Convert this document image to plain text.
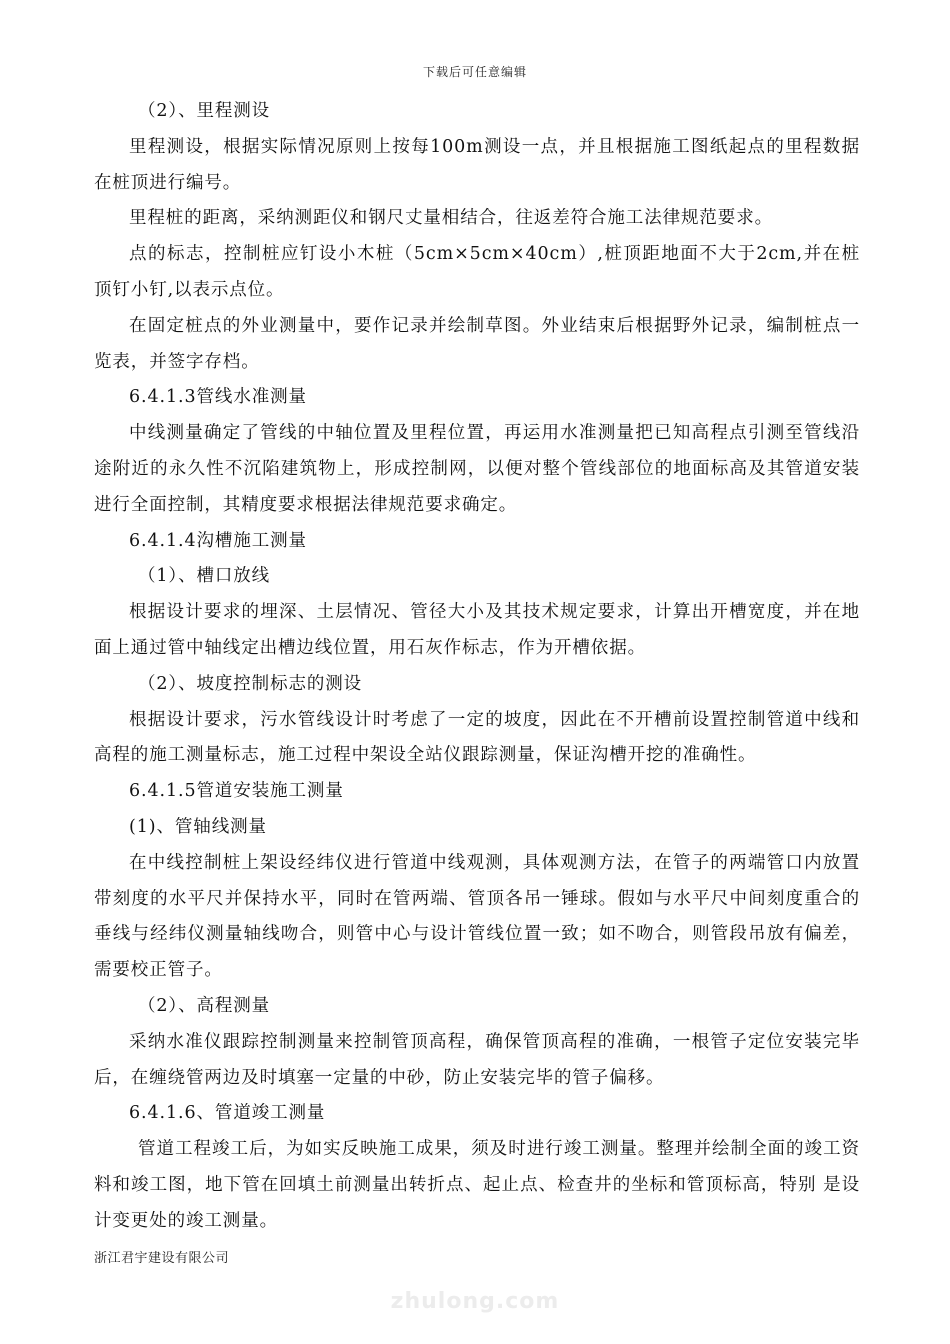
下载后可任意编辑

（2）、里程测设

里程测设，根据实际情况原则上按每100m测设一点，并且根据施工图纸起点的里程数据在桩顶进行编号。

里程桩的距离，采纳测距仪和钢尺丈量相结合，往返差符合施工法律规范要求。

点的标志，控制桩应钉设小木桩（5cm×5cm×40cm）,桩顶距地面不大于2cm,并在桩顶钉小钉,以表示点位。

在固定桩点的外业测量中，要作记录并绘制草图。外业结束后根据野外记录，编制桩点一览表，并签字存档。

6.4.1.3管线水准测量

中线测量确定了管线的中轴位置及里程位置，再运用水准测量把已知高程点引测至管线沿途附近的永久性不沉陷建筑物上，形成控制网，以便对整个管线部位的地面标高及其管道安装进行全面控制，其精度要求根据法律规范要求确定。

6.4.1.4沟槽施工测量

（1）、槽口放线

根据设计要求的埋深、土层情况、管径大小及其技术规定要求，计算出开槽宽度，并在地面上通过管中轴线定出槽边线位置，用石灰作标志，作为开槽依据。

（2）、坡度控制标志的测设

根据设计要求，污水管线设计时考虑了一定的坡度，因此在不开槽前设置控制管道中线和高程的施工测量标志，施工过程中架设全站仪跟踪测量，保证沟槽开挖的准确性。

6.4.1.5管道安装施工测量

(1)、管轴线测量

在中线控制桩上架设经纬仪进行管道中线观测，具体观测方法，在管子的两端管口内放置带刻度的水平尺并保持水平，同时在管两端、管顶各吊一锤球。假如与水平尺中间刻度重合的垂线与经纬仪测量轴线吻合，则管中心与设计管线位置一致；如不吻合，则管段吊放有偏差，需要校正管子。

（2）、高程测量

采纳水准仪跟踪控制测量来控制管顶高程，确保管顶高程的准确，一根管子定位安装完毕后，在缠绕管两边及时填塞一定量的中砂，防止安装完毕的管子偏移。

6.4.1.6、管道竣工测量

管道工程竣工后，为如实反映施工成果，须及时进行竣工测量。整理并绘制全面的竣工资料和竣工图，地下管在回填土前测量出转折点、起止点、检查井的坐标和管顶标高，特别 是设计变更处的竣工测量。

浙江君宇建设有限公司
zhulong.com
